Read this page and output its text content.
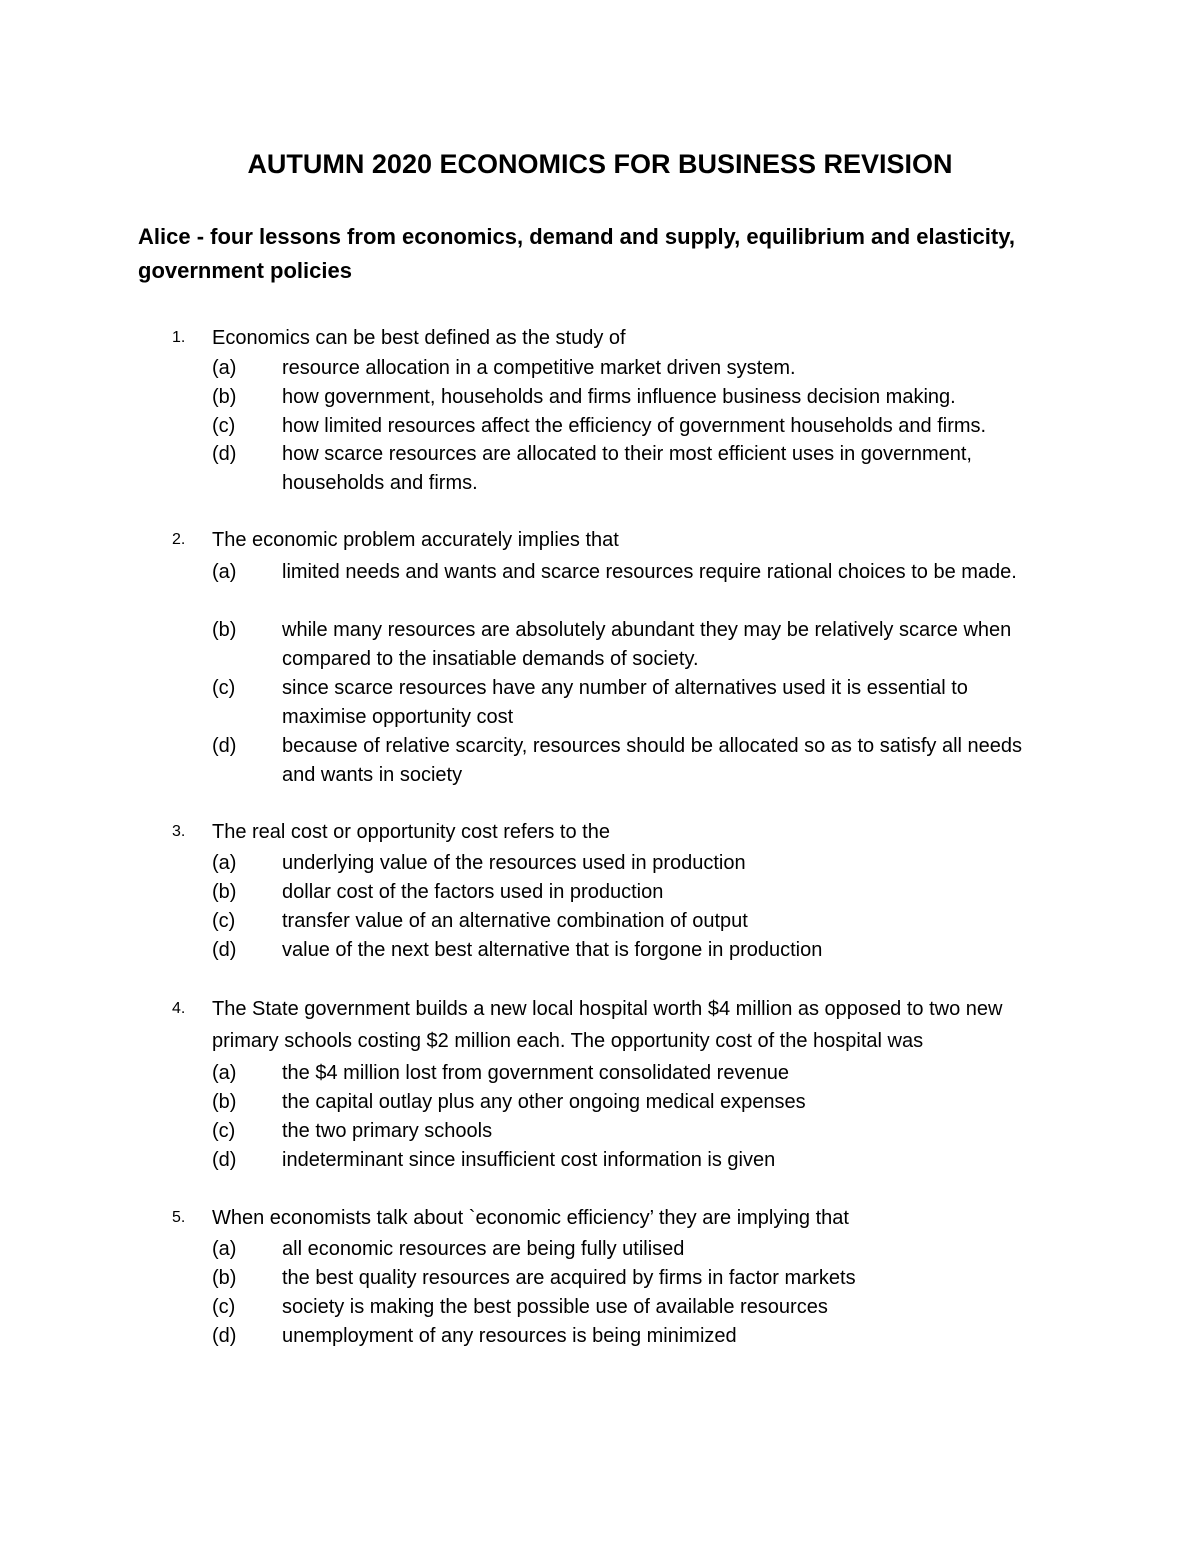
AUTUMN 2020 ECONOMICS FOR BUSINESS REVISION
Alice - four lessons from economics, demand and supply, equilibrium and elasticity, government policies
1. Economics can be best defined as the study of
(a)	resource allocation in a competitive market driven system.
(b)	how government, households and firms influence business decision making.
(c)	how limited resources affect the efficiency of government households and firms.
(d)	how scarce resources are allocated to their most efficient uses in government, households and firms.
2. The economic problem accurately implies that
(a)	limited needs and wants and scarce resources require rational choices to be made.
(b)	while many resources are absolutely abundant they may be relatively scarce when compared to the insatiable demands of society.
(c)	since scarce resources have any number of alternatives used it is essential to maximise opportunity cost
(d)	because of relative scarcity, resources should be allocated so as to satisfy all needs and wants in society
3. The real cost or opportunity cost refers to the
(a)	underlying value of the resources used in production
(b)	dollar cost of the factors used in production
(c)	transfer value of an alternative combination of output
(d)	value of the next best alternative that is forgone in production
4. The State government builds a new local hospital worth $4 million as opposed to two new primary schools costing $2 million each. The opportunity cost of the hospital was
(a)	the $4 million lost from government consolidated revenue
(b)	the capital outlay plus any other ongoing medical expenses
(c)	the two primary schools
(d)	indeterminant since insufficient cost information is given
5. When economists talk about `economic efficiency’ they are implying that
(a)	all economic resources are being fully utilised
(b)	the best quality resources are acquired by firms in factor markets
(c)	society is making the best possible use of available resources
(d)	unemployment of any resources is being minimized
